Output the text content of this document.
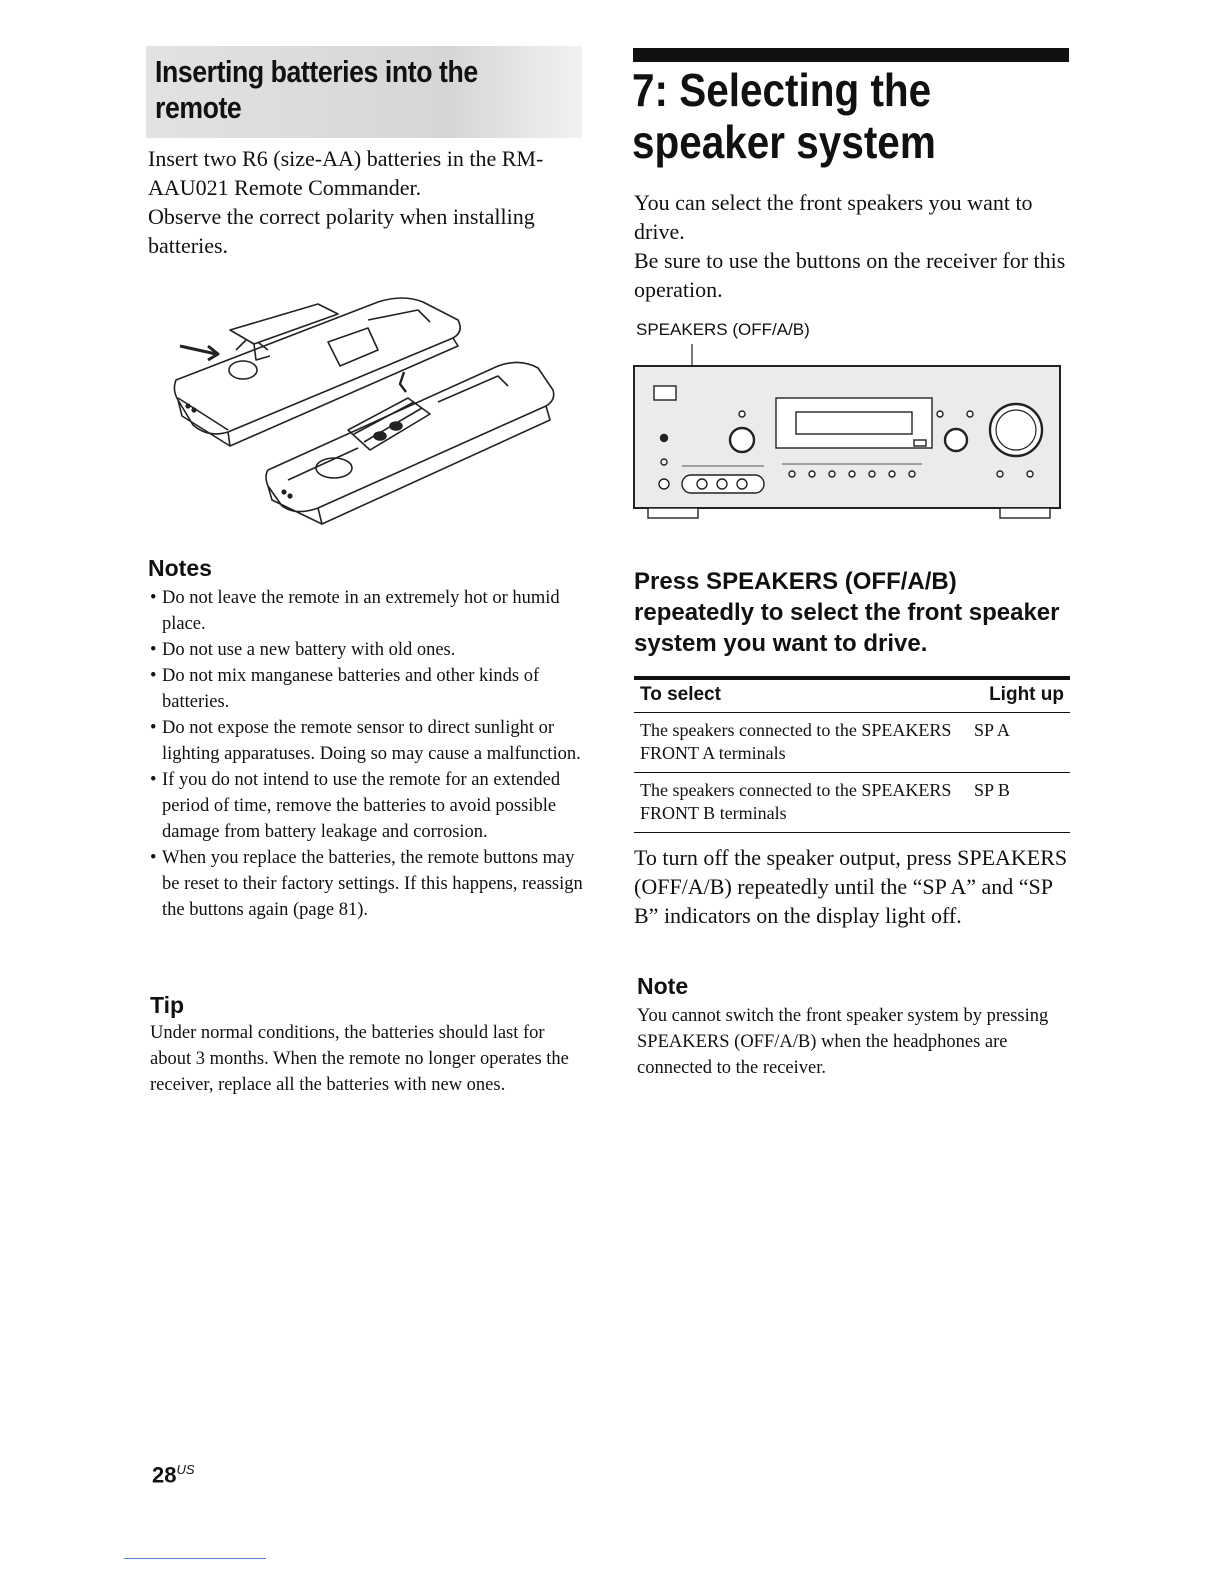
Inserting batteries into the remote

Insert two R6 (size-AA) batteries in the RM-AAU021 Remote Commander.

Observe the correct polarity when installing batteries.

Notes
• Do not leave the remote in an extremely hot or humid place.
• Do not use a new battery with old ones.
• Do not mix manganese batteries and other kinds of batteries.
• Do not expose the remote sensor to direct sunlight or lighting apparatuses. Doing so may cause a malfunction.
• If you do not intend to use the remote for an extended period of time, remove the batteries to avoid possible damage from battery leakage and corrosion.
• When you replace the batteries, the remote buttons may be reset to their factory settings. If this happens, reassign the buttons again (page 81).
Tip

Under normal conditions, the batteries should last for about 3 months. When the remote no longer operates the receiver, replace all the batteries with new ones.

$28^{US}$
7: Selecting the speaker system

You can select the front speakers you want to drive.

Be sure to use the buttons on the receiver for this operation.

SPEAKERS (OFF/A/B)
Press SPEAKERS (OFF/A/B) repeatedly to select the front speaker system you want to drive.
To select	Light up
The speakers connected to the SPEAKERS FRONT A terminals
SP A
The speakers connected to the SPEAKERS FRONT B terminals
SP B

To turn off the speaker output, press SPEAKERS (OFF/A/B) repeatedly until the “SP A” and “SP B” indicators on the display light off.

Note

You cannot switch the front speaker system by pressing SPEAKERS (OFF/A/B) when the headphones are connected to the receiver.
